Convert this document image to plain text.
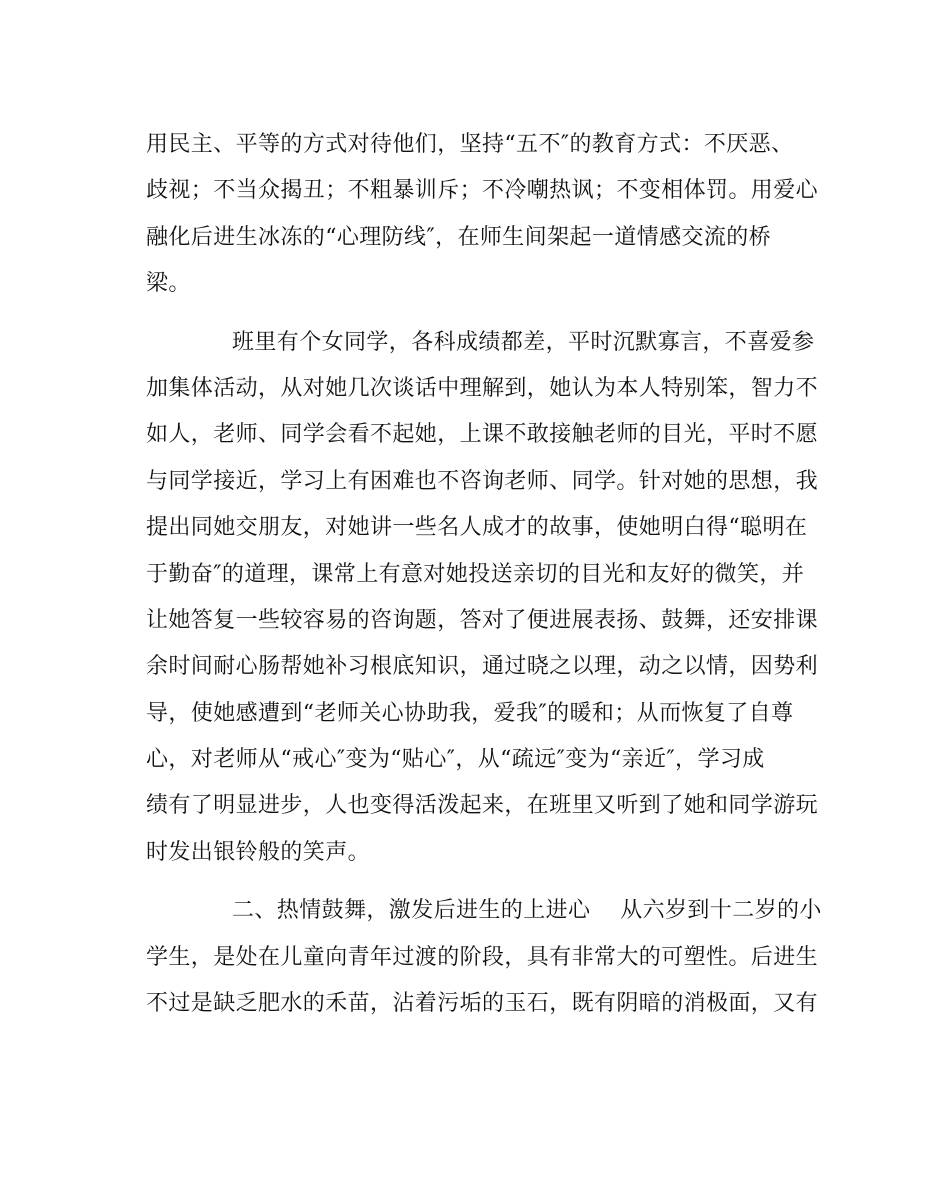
用民主、平等的方式对待他们，坚持“五不″的教育方式：不厌恶、
歧视；不当众揭丑；不粗暴训斥；不冷嘲热讽；不变相体罚。用爱心
融化后进生冰冻的“心理防线″，在师生间架起一道情感交流的桥
梁。
班里有个女同学，各科成绩都差，平时沉默寡言，不喜爱参
加集体活动，从对她几次谈话中理解到，她认为本人特别笨，智力不
如人，老师、同学会看不起她，上课不敢接触老师的目光，平时不愿
与同学接近，学习上有困难也不咨询老师、同学。针对她的思想，我
提出同她交朋友，对她讲一些名人成才的故事，使她明白得“聪明在
于勤奋″的道理，课常上有意对她投送亲切的目光和友好的微笑，并
让她答复一些较容易的咨询题，答对了便进展表扬、鼓舞，还安排课
余时间耐心肠帮她补习根底知识，通过晓之以理，动之以情，因势利
导，使她感遭到“老师关心协助我，爱我″的暖和；从而恢复了自尊
心，对老师从“戒心″变为“贴心″，从“疏远″变为“亲近″，学习成
绩有了明显进步，人也变得活泼起来，在班里又听到了她和同学游玩
时发出银铃般的笑声。
二、热情鼓舞，激发后进生的上进心 　从六岁到十二岁的小
学生，是处在儿童向青年过渡的阶段，具有非常大的可塑性。后进生
不过是缺乏肥水的禾苗，沾着污垢的玉石，既有阴暗的消极面，又有
